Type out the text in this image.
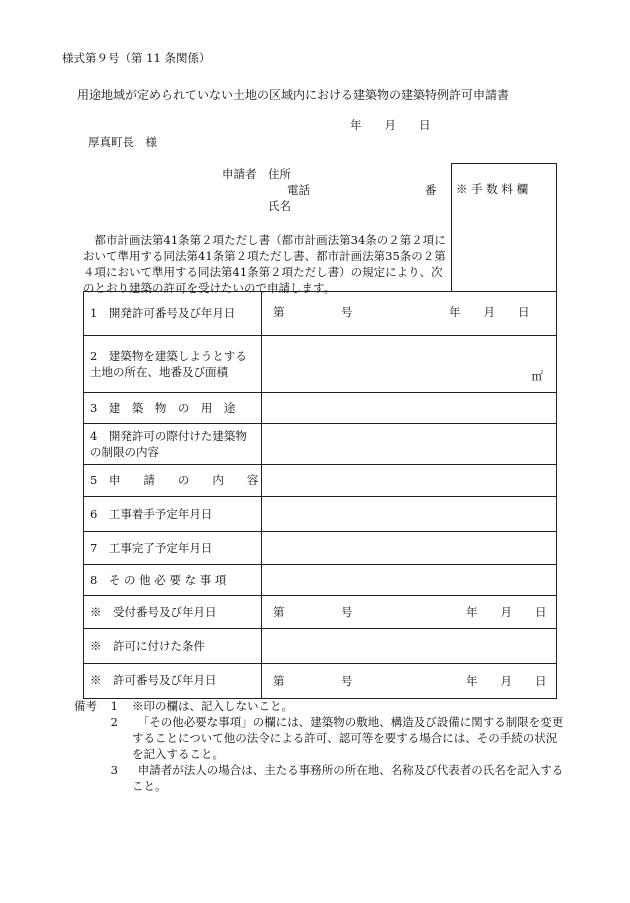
様式第９号（第 11 条関係）
用途地域が定められていない土地の区域内における建築物の建築特例許可申請書
年　　月　　日
厚真町長　様
申請者 住所
電話	番
氏名
※ 手 数 料 欄
都市計画法第41条第２項ただし書（都市計画法第34条の２第２項において準用する同法第41条第２項ただし書、都市計画法第35条の２第４項において準用する同法第41条第２項ただし書）の規定により、次のとおり建築の許可を受けたいので申請します。
1　開発許可番号及び年月日	第	号	年　　月　　日
2　建築物を建築しようとする土地の所在、地番及び面積	㎡
3　建　築　物　の　用　途
4　開発許可の際付けた建築物の制限の内容
5　申　　請　　の　　内　　容
6　工事着手予定年月日
7　工事完了予定年月日
8　そ の 他 必 要 な 事 項
※　受付番号及び年月日	第	号	年　　月　　日
※　許可に付けた条件
※　許可番号及び年月日	第	号	年　　月　　日
備考	1	※印の欄は、記入しないこと。
2	「その他必要な事項」の欄には、建築物の敷地、構造及び設備に関する制限を変更することについて他の法令による許可、認可等を要する場合には、その手続の状況を記入すること。
3	申請者が法人の場合は、主たる事務所の所在地、名称及び代表者の氏名を記入すること。
